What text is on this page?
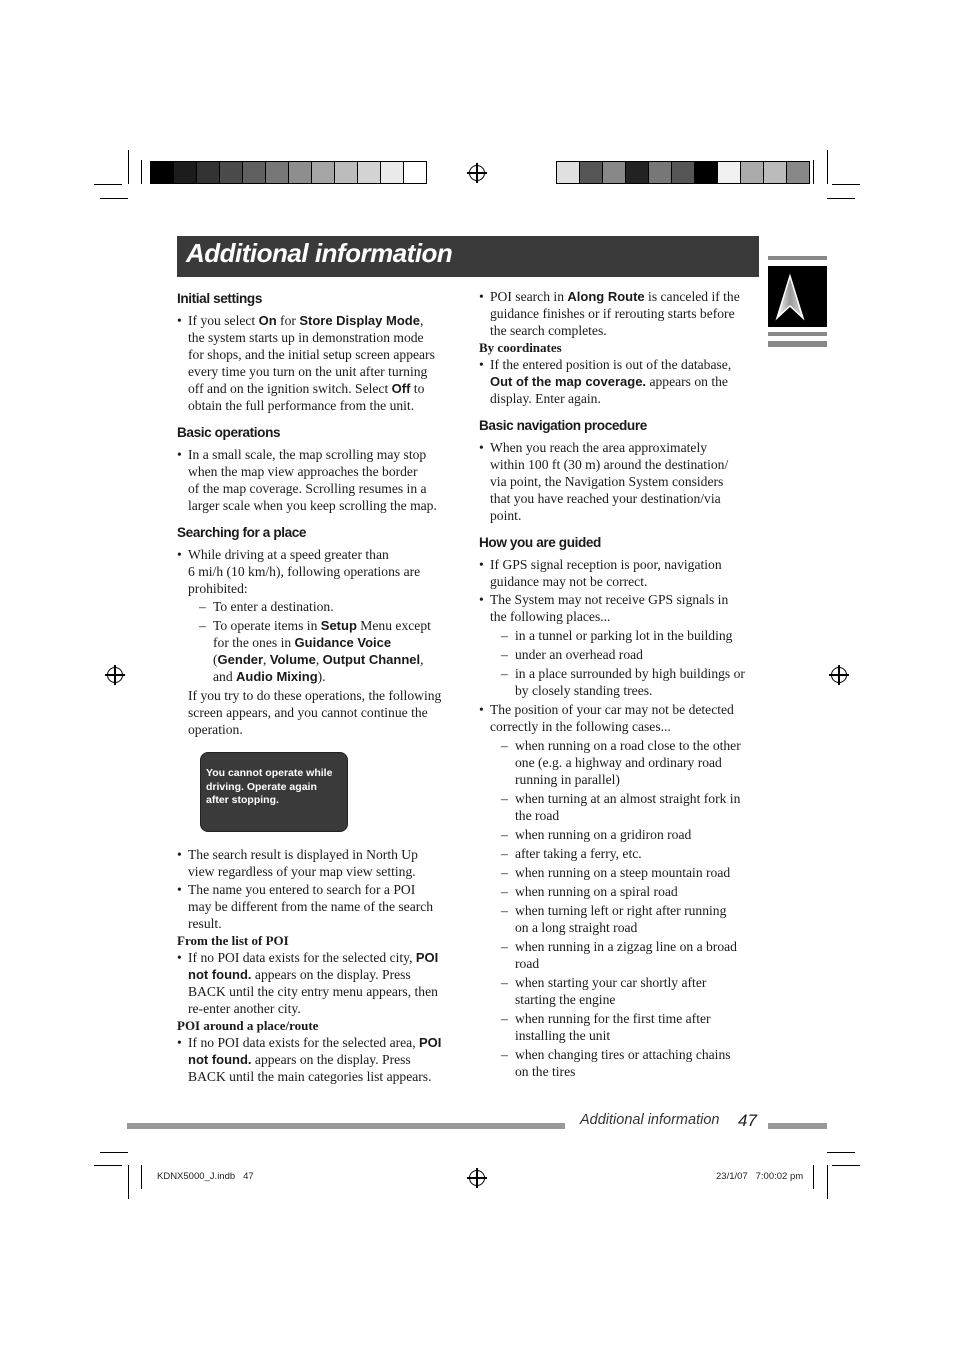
Additional information

Initial settings

• If you select On for Store Display Mode,
the system starts up in demonstration mode
for shops, and the initial setup screen appears
every time you turn on the unit after turning
off and on the ignition switch. Select Off to
obtain the full performance from the unit.

Basic operations

• In a small scale, the map scrolling may stop
when the map view approaches the border
of the map coverage. Scrolling resumes in a
larger scale when you keep scrolling the map.

Searching for a place

• While driving at a speed greater than
6 mi/h (10 km/h), following operations are
prohibited:
– To enter a destination.
– To operate items in Setup Menu except
for the ones in Guidance Voice
(Gender, Volume, Output Channel,
and Audio Mixing).
If you try to do these operations, the following
screen appears, and you cannot continue the
operation.
You cannot operate while
driving. Operate again
after stopping.
• The search result is displayed in North Up
view regardless of your map view setting.
• The name you entered to search for a POI
may be different from the name of the search
result.
From the list of POI
• If no POI data exists for the selected city, POI
not found. appears on the display. Press
BACK until the city entry menu appears, then
re-enter another city.
POI around a place/route
• If no POI data exists for the selected area, POI
not found. appears on the display. Press
BACK until the main categories list appears.
• POI search in Along Route is canceled if the
guidance finishes or if rerouting starts before
the search completes.
By coordinates
• If the entered position is out of the database,
Out of the map coverage. appears on the
display. Enter again.

Basic navigation procedure

• When you reach the area approximately
within 100 ft (30 m) around the destination/
via point, the Navigation System considers
that you have reached your destination/via
point.

How you are guided

• If GPS signal reception is poor, navigation
guidance may not be correct.
• The System may not receive GPS signals in
the following places...
– in a tunnel or parking lot in the building
– under an overhead road
– in a place surrounded by high buildings or
by closely standing trees.
• The position of your car may not be detected
correctly in the following cases...
– when running on a road close to the other
one (e.g. a highway and ordinary road
running in parallel)
– when turning at an almost straight fork in
the road
– when running on a gridiron road
– after taking a ferry, etc.
– when running on a steep mountain road
– when running on a spiral road
– when turning left or right after running
on a long straight road
– when running in a zigzag line on a broad
road
– when starting your car shortly after
starting the engine
– when running for the first time after
installing the unit
– when changing tires or attaching chains
on the tires
Additional information 47
KDNX5000_J.indb   47	23/1/07   7:00:02 pm
